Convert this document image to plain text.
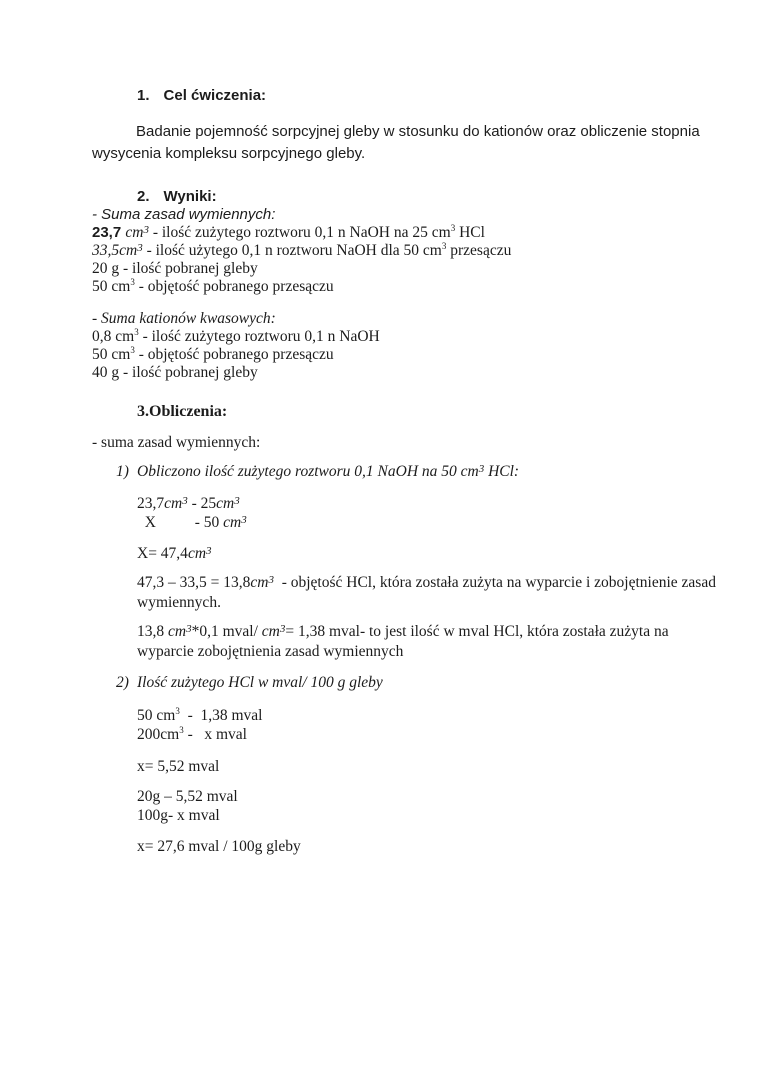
1. Cel ćwiczenia:
Badanie pojemność sorpcyjnej gleby w stosunku do kationów oraz obliczenie stopnia
wysycenia kompleksu sorpcyjnego gleby.
2. Wyniki:
- Suma zasad wymiennych:
23,7 $cm^3$ - ilość zużytego roztworu 0,1 n NaOH na 25 $cm^3$ HCl
$33,5cm^3$ - ilość użytego 0,1 n roztworu NaOH dla 50 $cm^3$ przesączu
20 g - ilość pobranej gleby
50 $cm^3$ - objętość pobranego przesączu
- Suma kationów kwasowych:
0,8 $cm^3$ - ilość zużytego roztworu 0,1 n NaOH
50 $cm^3$ - objętość pobranego przesączu
40 g - ilość pobranej gleby
3.Obliczenia:
- suma zasad wymiennych:
1) Obliczono ilość zużytego roztworu 0,1 NaOH na 50 $cm^3$ HCl:
$23,7cm^3 - 25cm^3$
X          - 50 $cm^3$
$X= 47,4cm^3$
$47,3 - 33,5 = 13,8cm^3$  - objętość HCl, która została zużyta na wyparcie i zobojętnienie zasad
wymiennych.
13,8 $cm^3*0,1$ mval/ $cm^3= 1,38$ mval- to jest ilość w mval HCl, która została zużyta na
wyparcie zobojętnienia zasad wymiennych
2) Ilość zużytego HCl w mval/ 100 g gleby
50 $cm^3 - 1,38$ mval
$200cm^3$ -   x mval
x= 5,52 mval
20g – 5,52 mval
100g- x mval
x= 27,6 mval / 100g gleby
